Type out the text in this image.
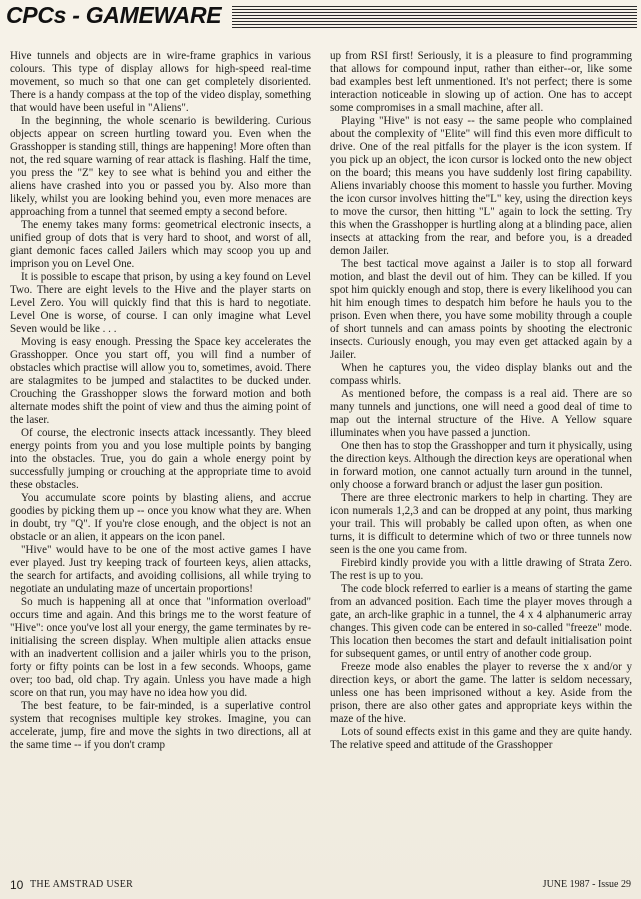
CPCs - GAMEWARE

Hive tunnels and objects are in wire-frame graphics in various colours. This type of display allows for high-speed real-time movement, so much so that one can get completely disoriented. There is a handy compass at the top of the video display, something that would have been useful in "Aliens".

In the beginning, the whole scenario is bewildering. Curious objects appear on screen hurtling toward you. Even when the Grasshopper is standing still, things are happening! More often than not, the red square warning of rear attack is flashing. Half the time, you press the "Z" key to see what is behind you and either the aliens have crashed into you or passed you by. Also more than likely, whilst you are looking behind you, even more menaces are approaching from a tunnel that seemed empty a second before.

The enemy takes many forms: geometrical electronic insects, a unified group of dots that is very hard to shoot, and worst of all, giant demonic faces called Jailers which may scoop you up and imprison you on Level One.

It is possible to escape that prison, by using a key found on Level Two. There are eight levels to the Hive and the player starts on Level Zero. You will quickly find that this is hard to negotiate. Level One is worse, of course. I can only imagine what Level Seven would be like . . .

Moving is easy enough. Pressing the Space key accelerates the Grasshopper. Once you start off, you will find a number of obstacles which practise will allow you to, sometimes, avoid. There are stalagmites to be jumped and stalactites to be ducked under. Crouching the Grasshopper slows the forward motion and both alternate modes shift the point of view and thus the aiming point of the laser.

Of course, the electronic insects attack incessantly. They bleed energy points from you and you lose multiple points by banging into the obstacles. True, you do gain a whole energy point by successfully jumping or crouching at the appropriate time to avoid these obstacles.

You accumulate score points by blasting aliens, and accrue goodies by picking them up -- once you know what they are. When in doubt, try "Q". If you're close enough, and the object is not an obstacle or an alien, it appears on the icon panel.

"Hive" would have to be one of the most active games I have ever played. Just try keeping track of fourteen keys, alien attacks, the search for artifacts, and avoiding collisions, all while trying to negotiate an undulating maze of uncertain proportions!

So much is happening all at once that "information overload" occurs time and again. And this brings me to the worst feature of "Hive": once you've lost all your energy, the game terminates by re-initialising the screen display. When multiple alien attacks ensue with an inadvertent collision and a jailer whirls you to the prison, forty or fifty points can be lost in a few seconds. Whoops, game over; too bad, old chap. Try again. Unless you have made a high score on that run, you may have no idea how you did.

The best feature, to be fair-minded, is a superlative control system that recognises multiple key strokes. Imagine, you can accelerate, jump, fire and move the sights in two directions, all at the same time -- if you don't cramp

up from RSI first! Seriously, it is a pleasure to find programming that allows for compound input, rather than either--or, like some bad examples best left unmentioned. It's not perfect; there is some interaction noticeable in slowing up of action. One has to accept some compromises in a small machine, after all.

Playing "Hive" is not easy -- the same people who complained about the complexity of "Elite" will find this even more difficult to drive. One of the real pitfalls for the player is the icon system. If you pick up an object, the icon cursor is locked onto the new object on the board; this means you have suddenly lost firing capability. Aliens invariably choose this moment to hassle you further. Moving the icon cursor involves hitting the"L" key, using the direction keys to move the cursor, then hitting "L" again to lock the setting. Try this when the Grasshopper is hurtling along at a blinding pace, alien insects at attacking from the rear, and before you, is a dreaded demon Jailer.

The best tactical move against a Jailer is to stop all forward motion, and blast the devil out of him. They can be killed. If you spot him quickly enough and stop, there is every likelihood you can hit him enough times to despatch him before he hauls you to the prison. Even when there, you have some mobility through a couple of short tunnels and can amass points by shooting the electronic insects. Curiously enough, you may even get attacked again by a Jailer.

When he captures you, the video display blanks out and the compass whirls.

As mentioned before, the compass is a real aid. There are so many tunnels and junctions, one will need a good deal of time to map out the internal structure of the Hive. A Yellow square illuminates when you have passed a junction.

One then has to stop the Grasshopper and turn it physically, using the direction keys. Although the direction keys are operational when in forward motion, one cannot actually turn around in the tunnel, only choose a forward branch or adjust the laser gun position.

There are three electronic markers to help in charting. They are icon numerals 1,2,3 and can be dropped at any point, thus marking your trail. This will probably be called upon often, as when one turns, it is difficult to determine which of two or three tunnels now seen is the one you came from.

Firebird kindly provide you with a little drawing of Strata Zero. The rest is up to you.

The code block referred to earlier is a means of starting the game from an advanced position. Each time the player moves through a gate, an arch-like graphic in a tunnel, the 4 x 4 alphanumeric array changes. This given code can be entered in so-called "freeze" mode. This location then becomes the start and default initialisation point for subsequent games, or until entry of another code group.

Freeze mode also enables the player to reverse the x and/or y direction keys, or abort the game. The latter is seldom necessary, unless one has been imprisoned without a key. Aside from the prison, there are also other gates and appropriate keys within the maze of the hive.

Lots of sound effects exist in this game and they are quite handy. The relative speed and attitude of the Grasshopper

10 THE AMSTRAD USER	JUNE 1987 - Issue 29
